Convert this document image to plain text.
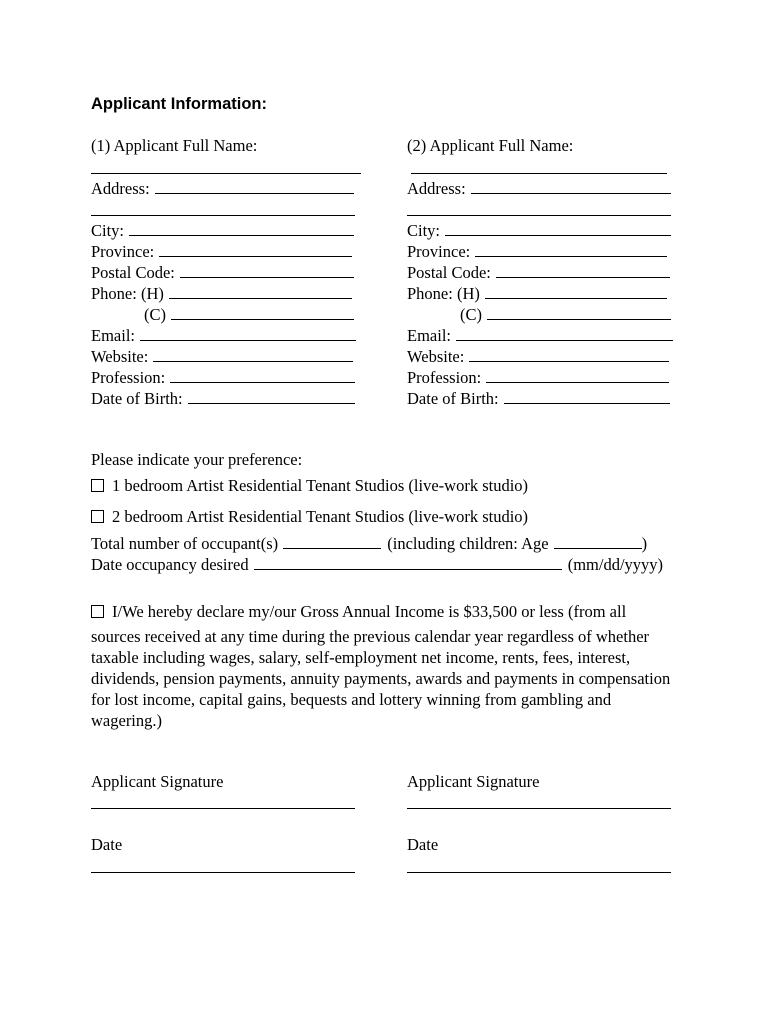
Applicant Information:
(1) Applicant Full Name:
Address:
City:
Province:
Postal Code:
Phone: (H)
(C)
Email:
Website:
Profession:
Date of Birth:
(2) Applicant Full Name:
Address:
City:
Province:
Postal Code:
Phone: (H)
(C)
Email:
Website:
Profession:
Date of Birth:
Please indicate your preference:
1 bedroom Artist Residential Tenant Studios (live-work studio)
2 bedroom Artist Residential Tenant Studios (live-work studio)
Total number of occupant(s)	(including children: Age	)
Date occupancy desired	(mm/dd/yyyy)
I/We hereby declare my/our Gross Annual Income is $33,500 or less (from all
sources received at any time during the previous calendar year regardless of whether taxable including wages, salary, self-employment net income, rents, fees, interest, dividends, pension payments, annuity payments, awards and payments in compensation for lost income, capital gains, bequests and lottery winning from gambling and wagering.)
Applicant Signature	Applicant Signature
Date	Date
